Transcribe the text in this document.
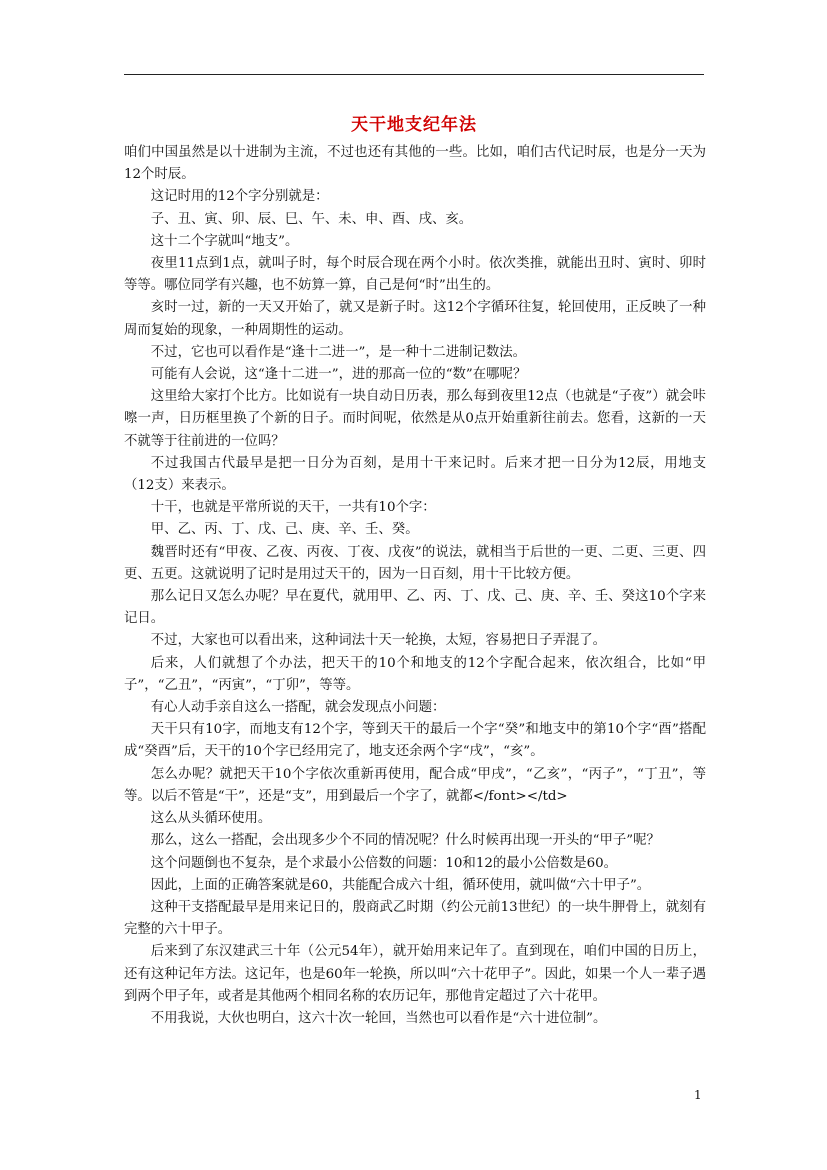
天干地支纪年法

咱们中国虽然是以十进制为主流，不过也还有其他的一些。比如，咱们古代记时辰，也是分一天为12个时辰。

这记时用的12个字分别就是：

子、丑、寅、卯、辰、巳、午、未、申、酉、戌、亥。

这十二个字就叫“地支”。

夜里11点到1点，就叫子时，每个时辰合现在两个小时。依次类推，就能出丑时、寅时、卯时等等。哪位同学有兴趣，也不妨算一算，自己是何“时”出生的。

亥时一过，新的一天又开始了，就又是新子时。这12个字循环往复，轮回使用，正反映了一种周而复始的现象，一种周期性的运动。

不过，它也可以看作是“逢十二进一”，是一种十二进制记数法。

可能有人会说，这“逢十二进一”，进的那高一位的“数”在哪呢？

这里给大家打个比方。比如说有一块自动日历表，那么每到夜里12点（也就是“子夜”）就会咔嚓一声，日历框里换了个新的日子。而时间呢，依然是从0点开始重新往前去。您看，这新的一天不就等于往前进的一位吗？

不过我国古代最早是把一日分为百刻，是用十干来记时。后来才把一日分为12辰，用地支（12支）来表示。

十干，也就是平常所说的天干，一共有10个字：

甲、乙、丙、丁、戊、己、庚、辛、壬、癸。

魏晋时还有“甲夜、乙夜、丙夜、丁夜、戊夜”的说法，就相当于后世的一更、二更、三更、四更、五更。这就说明了记时是用过天干的，因为一日百刻，用十干比较方便。

那么记日又怎么办呢？早在夏代，就用甲、乙、丙、丁、戊、己、庚、辛、壬、癸这10个字来记日。

不过，大家也可以看出来，这种词法十天一轮换，太短，容易把日子弄混了。

后来，人们就想了个办法，把天干的10个和地支的12个字配合起来，依次组合，比如“甲子”，“乙丑”，“丙寅”，“丁卯”，等等。

有心人动手亲自这么一搭配，就会发现点小问题：

天干只有10字，而地支有12个字，等到天干的最后一个字“癸”和地支中的第10个字“酉”搭配成“癸酉”后，天干的10个字已经用完了，地支还余两个字“戌”，“亥”。

怎么办呢？就把天干10个字依次重新再使用，配合成“甲戌”，“乙亥”，“丙子”，“丁丑”，等等。以后不管是“干”，还是“支”，用到最后一个字了，就都</font></td>

这么从头循环使用。

那么，这么一搭配，会出现多少个不同的情况呢？什么时候再出现一开头的“甲子”呢？

这个问题倒也不复杂，是个求最小公倍数的问题：10和12的最小公倍数是60。

因此，上面的正确答案就是60，共能配合成六十组，循环使用，就叫做“六十甲子”。

这种干支搭配最早是用来记日的，殷商武乙时期（约公元前13世纪）的一块牛胛骨上，就刻有完整的六十甲子。

后来到了东汉建武三十年（公元54年），就开始用来记年了。直到现在，咱们中国的日历上，还有这种记年方法。这记年，也是60年一轮换，所以叫“六十花甲子”。因此，如果一个人一辈子遇到两个甲子年，或者是其他两个相同名称的农历记年，那他肯定超过了六十花甲。

不用我说，大伙也明白，这六十次一轮回，当然也可以看作是“六十进位制”。

1
